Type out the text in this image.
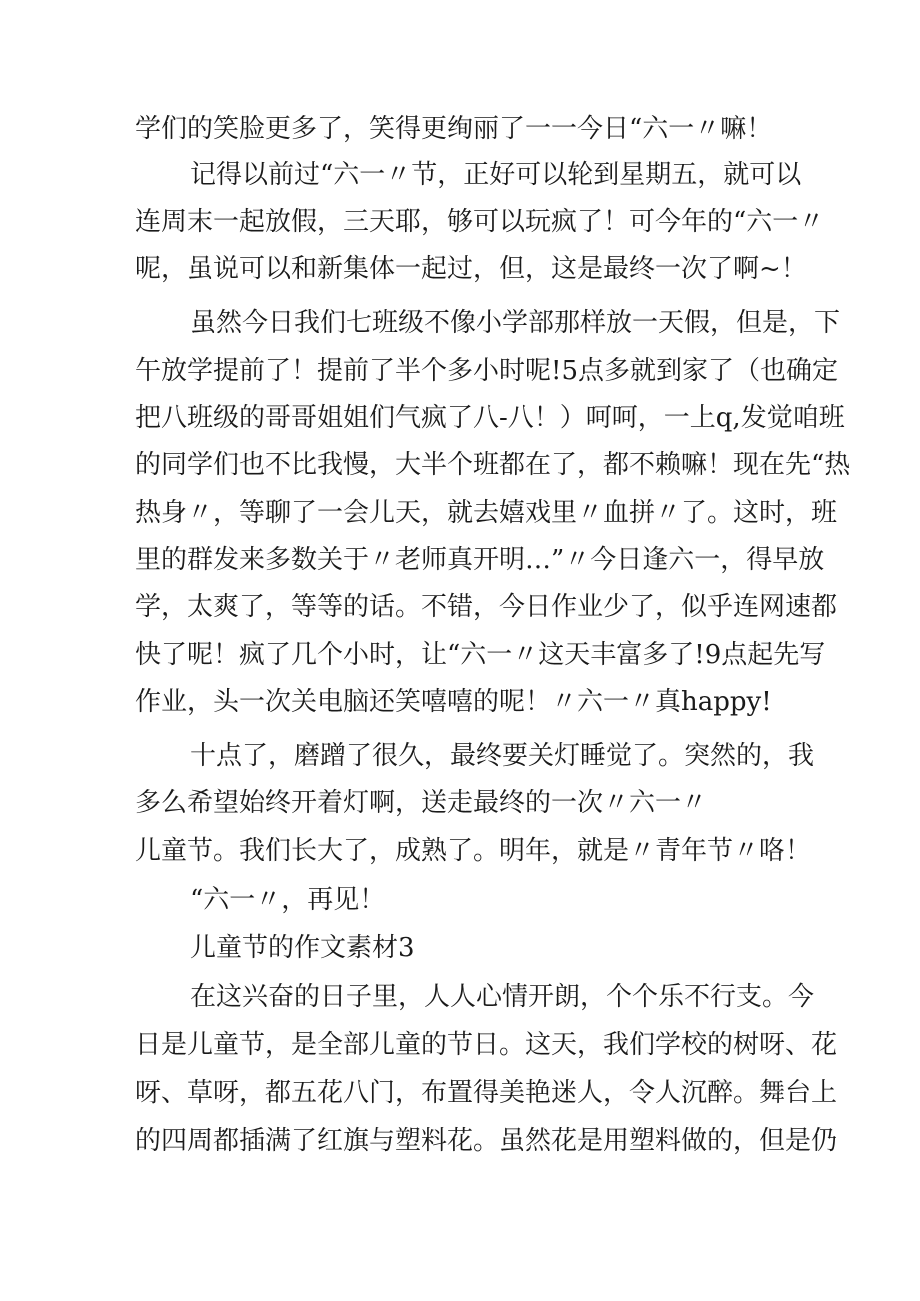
学们的笑脸更多了，笑得更绚丽了一一今日“六一〃嘛！
记得以前过“六一〃节，正好可以轮到星期五，就可以
连周末一起放假，三天耶，够可以玩疯了！可今年的“六一〃
呢，虽说可以和新集体一起过，但，这是最终一次了啊~！
虽然今日我们七班级不像小学部那样放一天假，但是，下
午放学提前了！提前了半个多小时呢!5点多就到家了（也确定
把八班级的哥哥姐姐们气疯了八-八！）呵呵，一上q,发觉咱班
的同学们也不比我慢，大半个班都在了，都不赖嘛！现在先“热
热身〃，等聊了一会儿天，就去嬉戏里〃血拼〃了。这时，班
里的群发来多数关于〃老师真开明…”〃今日逢六一，得早放
学，太爽了，等等的话。不错，今日作业少了，似乎连网速都
快了呢！疯了几个小时，让“六一〃这天丰富多了!9点起先写
作业，头一次关电脑还笑嘻嘻的呢！〃六一〃真happy!
十点了，磨蹭了很久，最终要关灯睡觉了。突然的，我
多么希望始终开着灯啊，送走最终的一次〃六一〃
儿童节。我们长大了，成熟了。明年，就是〃青年节〃咯！
“六一〃，再见！
儿童节的作文素材3
在这兴奋的日子里，人人心情开朗，个个乐不行支。今
日是儿童节，是全部儿童的节日。这天，我们学校的树呀、花
呀、草呀，都五花八门，布置得美艳迷人，令人沉醉。舞台上
的四周都插满了红旗与塑料花。虽然花是用塑料做的，但是仍
